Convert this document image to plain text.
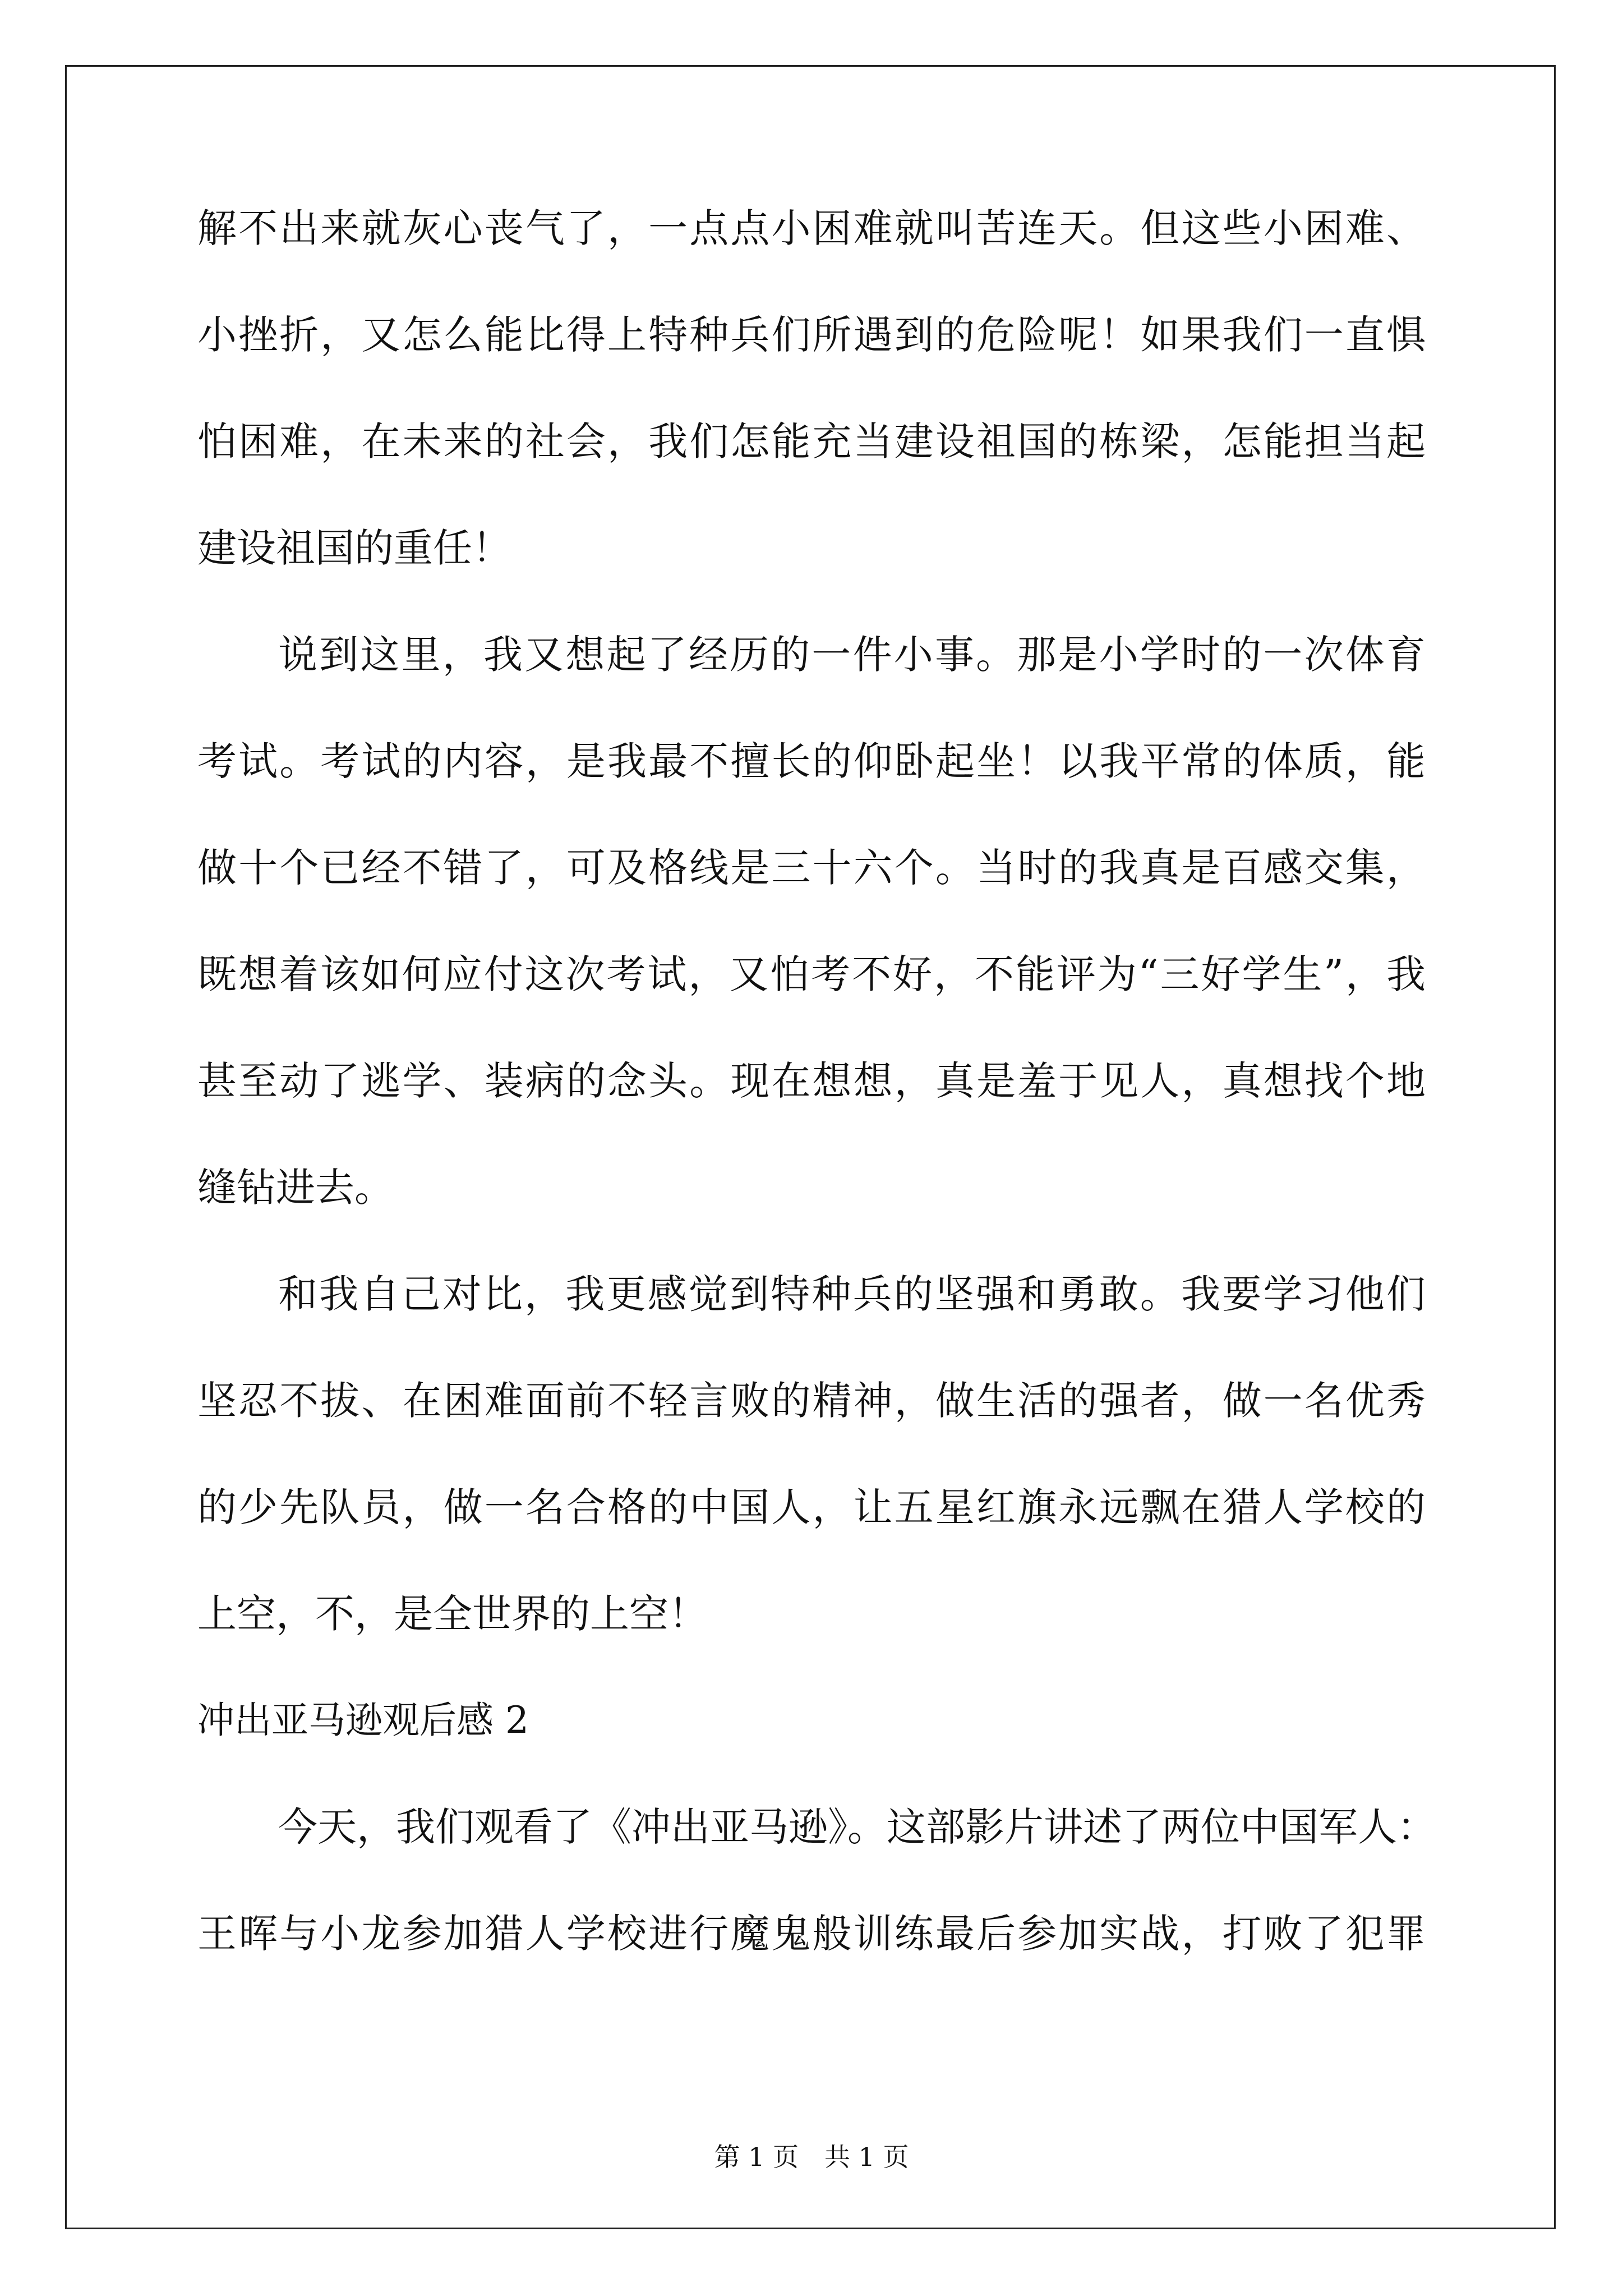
解不出来就灰心丧气了，一点点小困难就叫苦连天。但这些小困难、
小挫折，又怎么能比得上特种兵们所遇到的危险呢！如果我们一直惧
怕困难，在未来的社会，我们怎能充当建设祖国的栋梁，怎能担当起
建设祖国的重任！
说到这里，我又想起了经历的一件小事。那是小学时的一次体育
考试。考试的内容，是我最不擅长的仰卧起坐！以我平常的体质，能
做十个已经不错了，可及格线是三十六个。当时的我真是百感交集，
既想着该如何应付这次考试，又怕考不好，不能评为“三好学生”，我
甚至动了逃学、装病的念头。现在想想，真是羞于见人，真想找个地
缝钻进去。
和我自己对比，我更感觉到特种兵的坚强和勇敢。我要学习他们
坚忍不拔、在困难面前不轻言败的精神，做生活的强者，做一名优秀
的少先队员，做一名合格的中国人，让五星红旗永远飘在猎人学校的
上空，不，是全世界的上空！
冲出亚马逊观后感 2
今天，我们观看了《冲出亚马逊》。这部影片讲述了两位中国军人：
王晖与小龙参加猎人学校进行魔鬼般训练最后参加实战，打败了犯罪
第 1 页　共 1 页
